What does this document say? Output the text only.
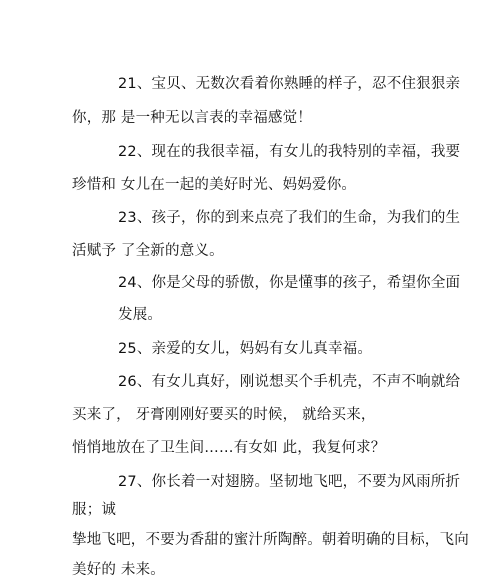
21、宝贝、无数次看着你熟睡的样子，忍不住狠狠亲
你，那 是一种无以言表的幸福感觉！
22、现在的我很幸福，有女儿的我特别的幸福，我要
珍惜和 女儿在一起的美好时光、妈妈爱你。
23、孩子，你的到来点亮了我们的生命，为我们的生
活赋予 了全新的意义。
24、你是父母的骄傲，你是懂事的孩子，希望你全面
发展。
25、亲爱的女儿，妈妈有女儿真幸福。
26、有女儿真好，刚说想买个手机壳，不声不响就给
买来了， 牙膏刚刚好要买的时候， 就给买来，
悄悄地放在了卫生间……有女如 此，我复何求？
27、你长着一对翅膀。坚韧地飞吧，不要为风雨所折
服；诚
挚地飞吧，不要为香甜的蜜汁所陶醉。朝着明确的目标，飞向
美好的 未来。
